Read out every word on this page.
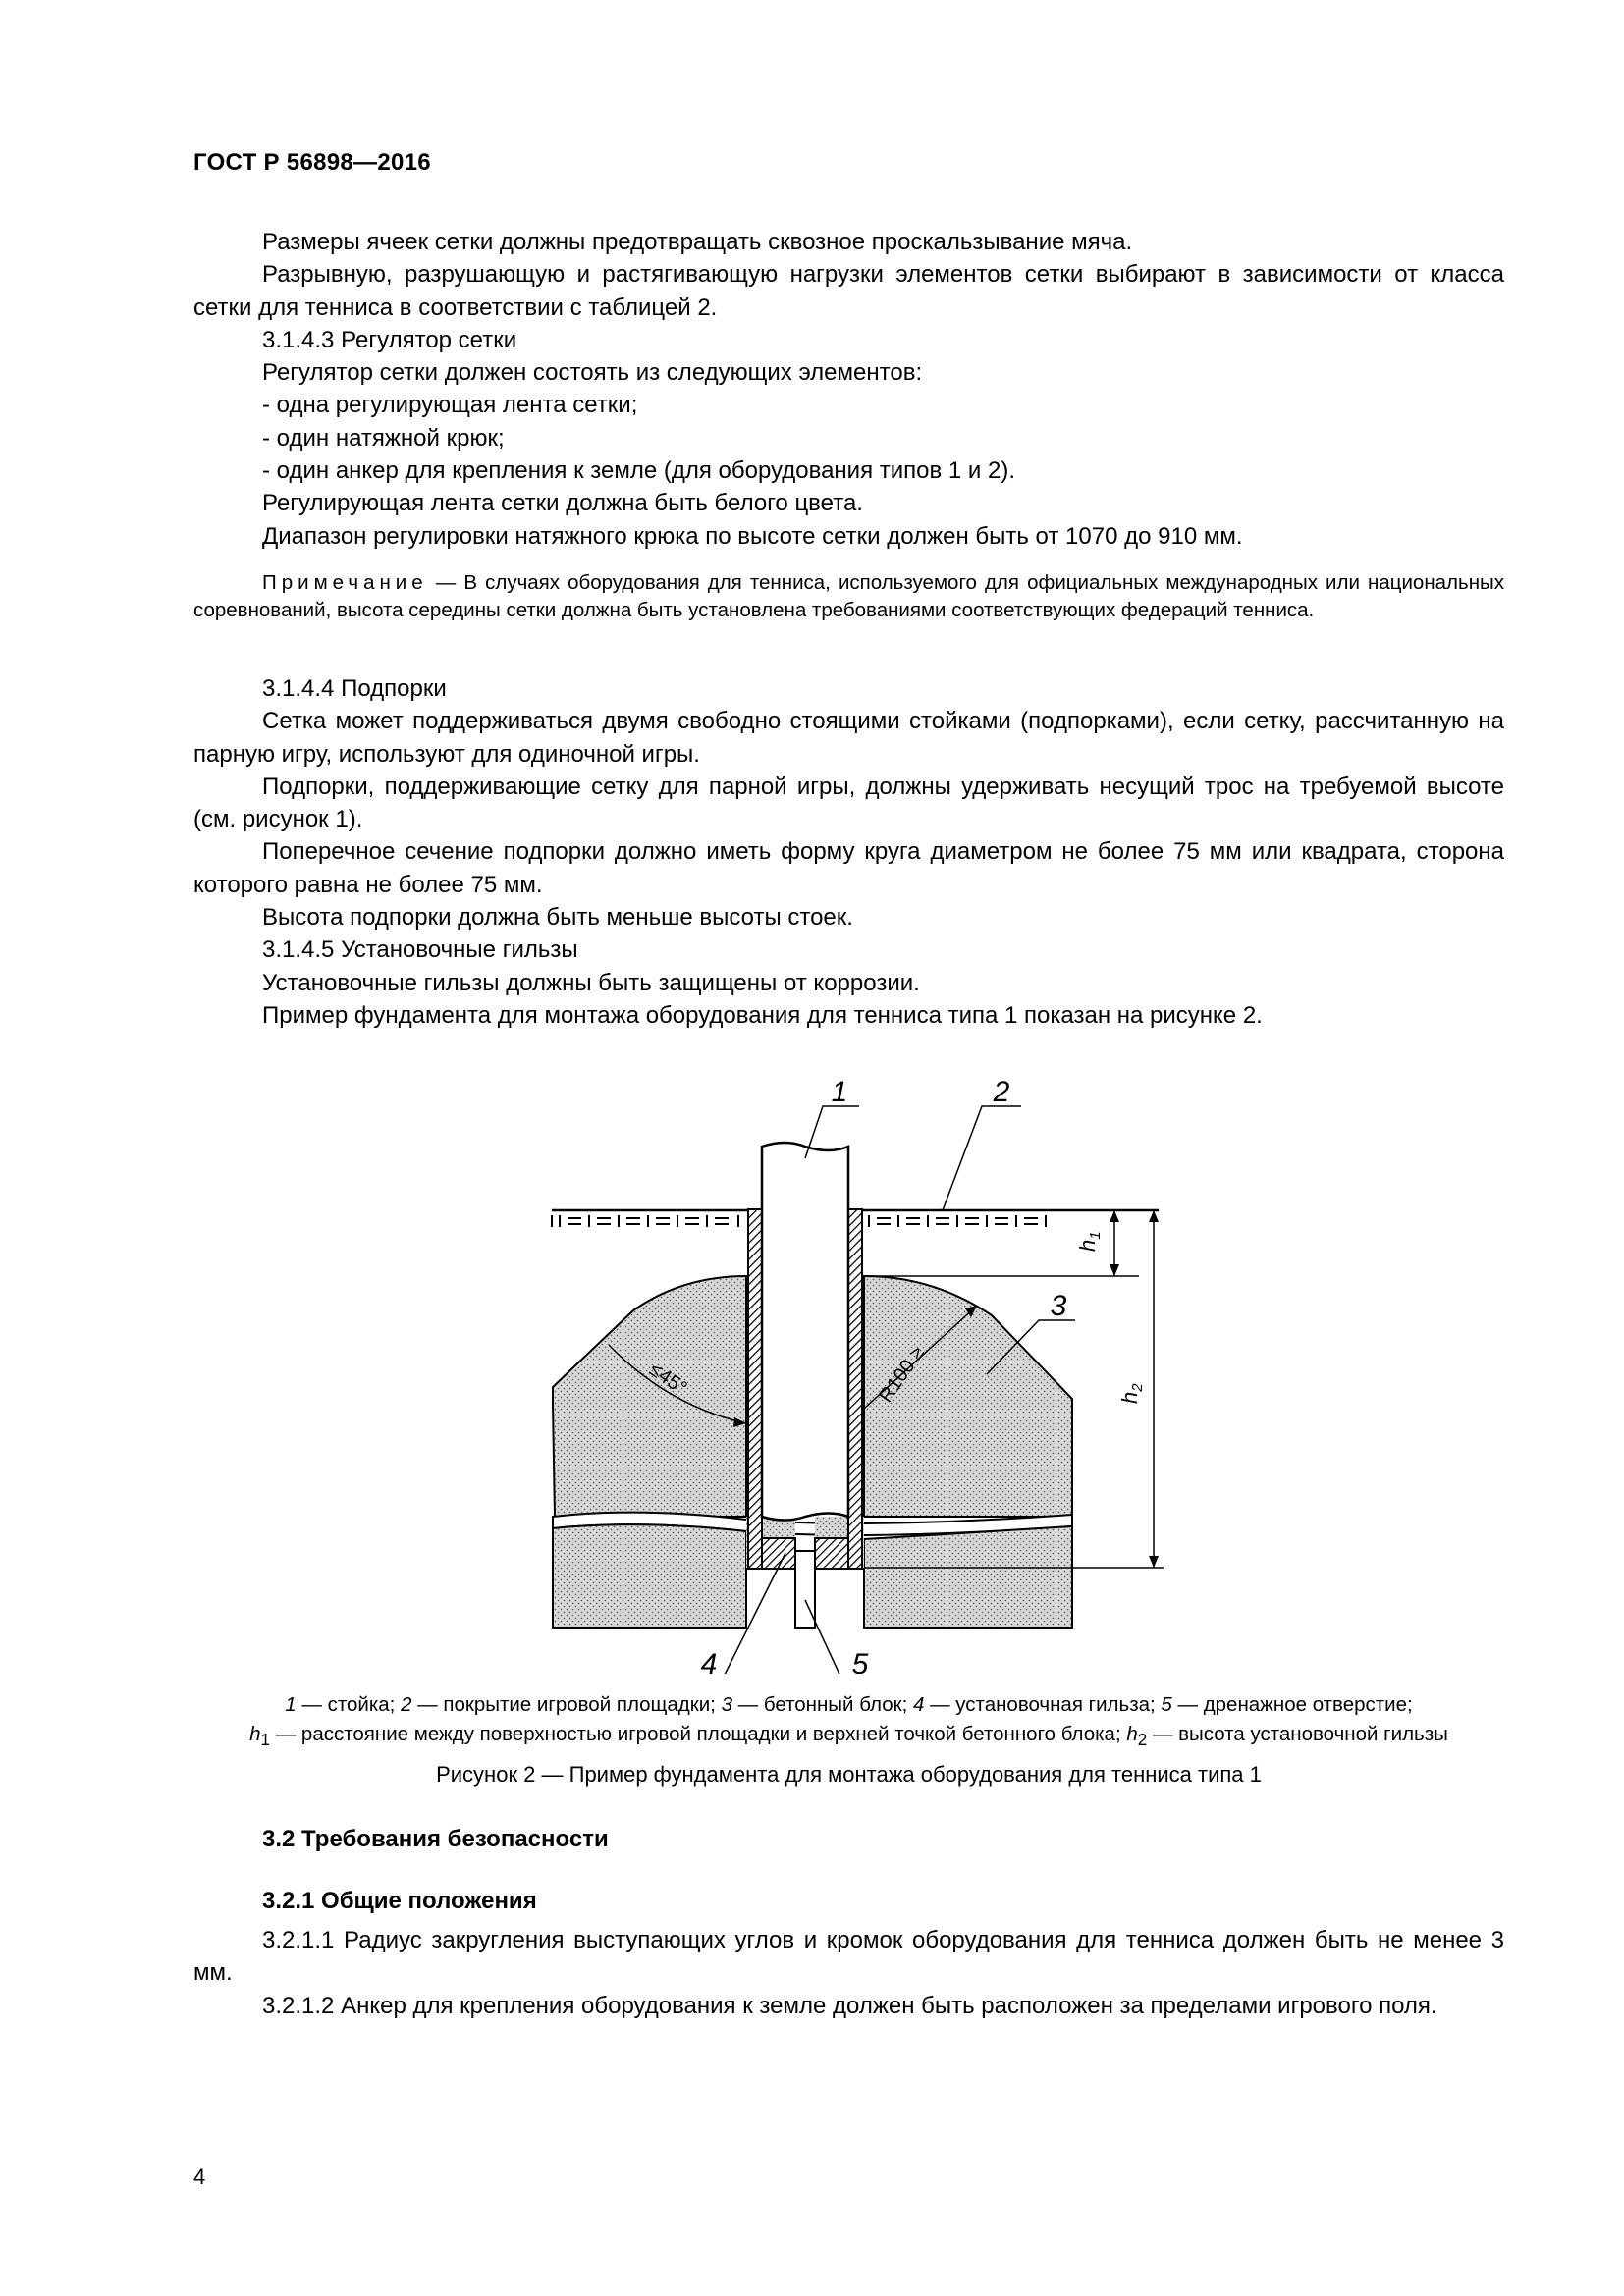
ГОСТ Р 56898—2016

Размеры ячеек сетки должны предотвращать сквозное проскальзывание мяча.

Разрывную, разрушающую и растягивающую нагрузки элементов сетки выбирают в зависимости от класса сетки для тенниса в соответствии с таблицей 2.

3.1.4.3 Регулятор сетки

Регулятор сетки должен состоять из следующих элементов:

- одна регулирующая лента сетки;

- один натяжной крюк;

- один анкер для крепления к земле (для оборудования типов 1 и 2).

Регулирующая лента сетки должна быть белого цвета.

Диапазон регулировки натяжного крюка по высоте сетки должен быть от 1070 до 910 мм.

Примечание — В случаях оборудования для тенниса, используемого для официальных международных или национальных соревнований, высота середины сетки должна быть установлена требованиями соответствующих федераций тенниса.

3.1.4.4 Подпорки

Сетка может поддерживаться двумя свободно стоящими стойками (подпорками), если сетку, рассчитанную на парную игру, используют для одиночной игры.

Подпорки, поддерживающие сетку для парной игры, должны удерживать несущий трос на требуемой высоте (см. рисунок 1).

Поперечное сечение подпорки должно иметь форму круга диаметром не более 75 мм или квадрата, сторона которого равна не более 75 мм.

Высота подпорки должна быть меньше высоты стоек.

3.1.4.5 Установочные гильзы

Установочные гильзы должны быть защищены от коррозии.

Пример фундамента для монтажа оборудования для тенниса типа 1 показан на рисунке 2.

1	2
3
4	5
$h_1$
$h_2$
≤45°	R100 ≥
1 — стойка; 2 — покрытие игровой площадки; 3 — бетонный блок; 4 — установочная гильза; 5 — дренажное отверстие;
$h_1$ — расстояние между поверхностью игровой площадки и верхней точкой бетонного блока; $h_2$ — высота установочной гильзы
Рисунок 2 — Пример фундамента для монтажа оборудования для тенниса типа 1
3.2 Требования безопасности
3.2.1 Общие положения

3.2.1.1 Радиус закругления выступающих углов и кромок оборудования для тенниса должен быть не менее 3 мм.

3.2.1.2 Анкер для крепления оборудования к земле должен быть расположен за пределами игрового поля.

4
